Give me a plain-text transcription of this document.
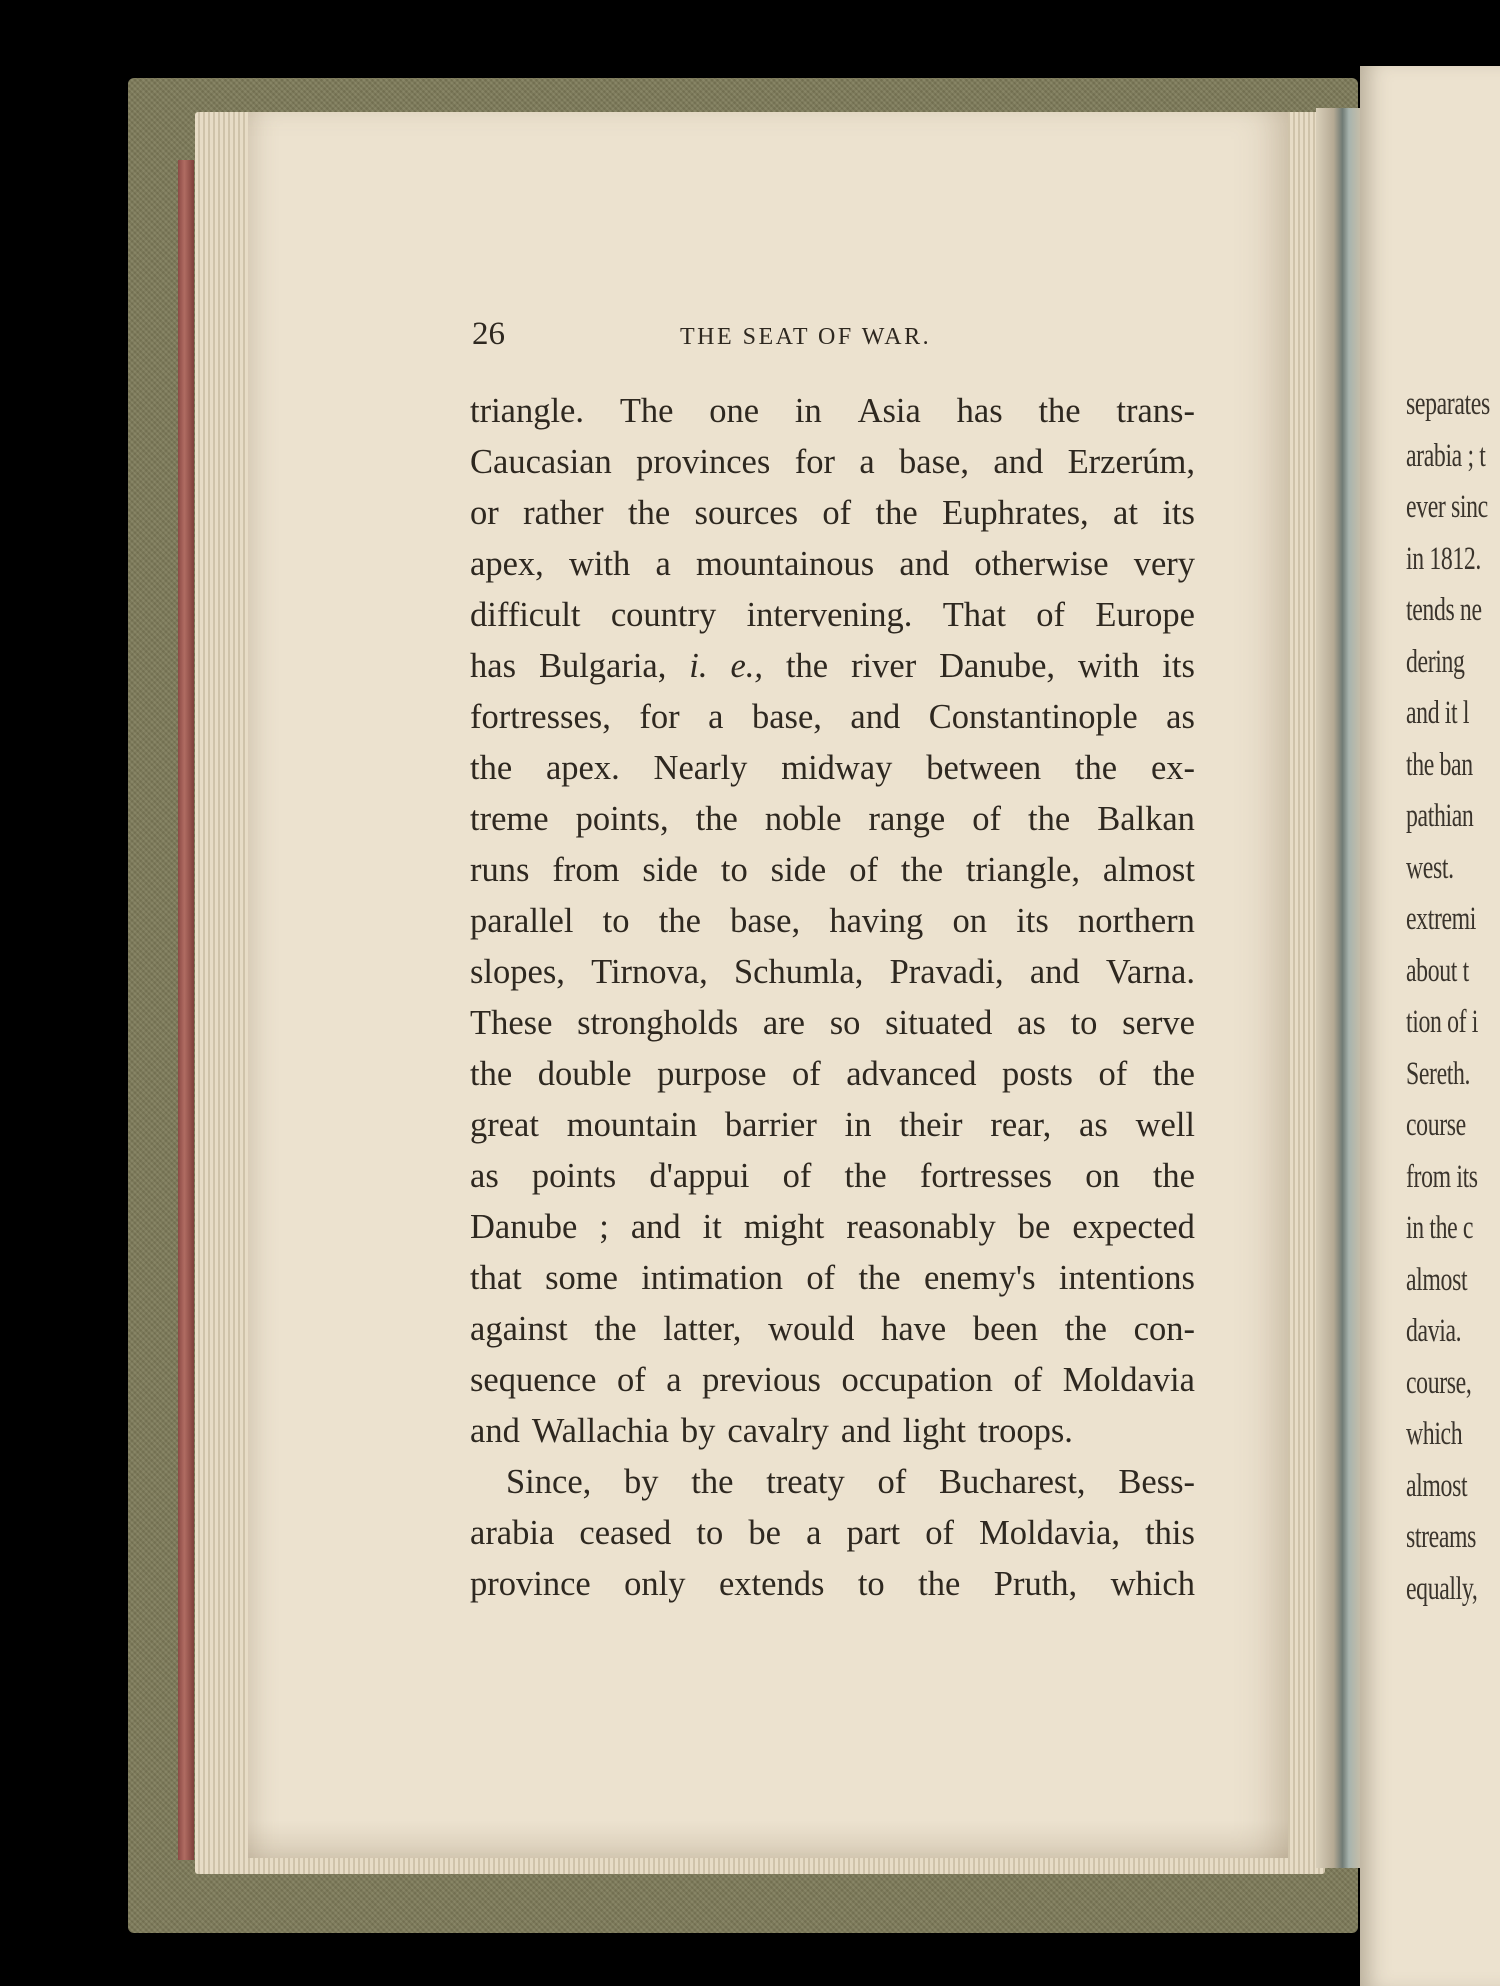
separates
arabia ; t
ever sinc
in 1812.
tends ne
dering
and it l
the ban
pathian
west.
extremi
about t
tion of i
Sereth.
course
from its
in the c
almost
davia.
course,
which
almost
streams
equally,
26	THE SEAT OF WAR.
triangle. The one in Asia has the trans-
Caucasian provinces for a base, and Erzerúm,
or rather the sources of the Euphrates, at its
apex, with a mountainous and otherwise very
difficult country intervening. That of Europe
has Bulgaria, i. e., the river Danube, with its
fortresses, for a base, and Constantinople as
the apex. Nearly midway between the ex-
treme points, the noble range of the Balkan
runs from side to side of the triangle, almost
parallel to the base, having on its northern
slopes, Tirnova, Schumla, Pravadi, and Varna.
These strongholds are so situated as to serve
the double purpose of advanced posts of the
great mountain barrier in their rear, as well
as points d'appui of the fortresses on the
Danube ; and it might reasonably be expected
that some intimation of the enemy's intentions
against the latter, would have been the con-
sequence of a previous occupation of Moldavia
and Wallachia by cavalry and light troops.
Since, by the treaty of Bucharest, Bess-
arabia ceased to be a part of Moldavia, this
province only extends to the Pruth, which
